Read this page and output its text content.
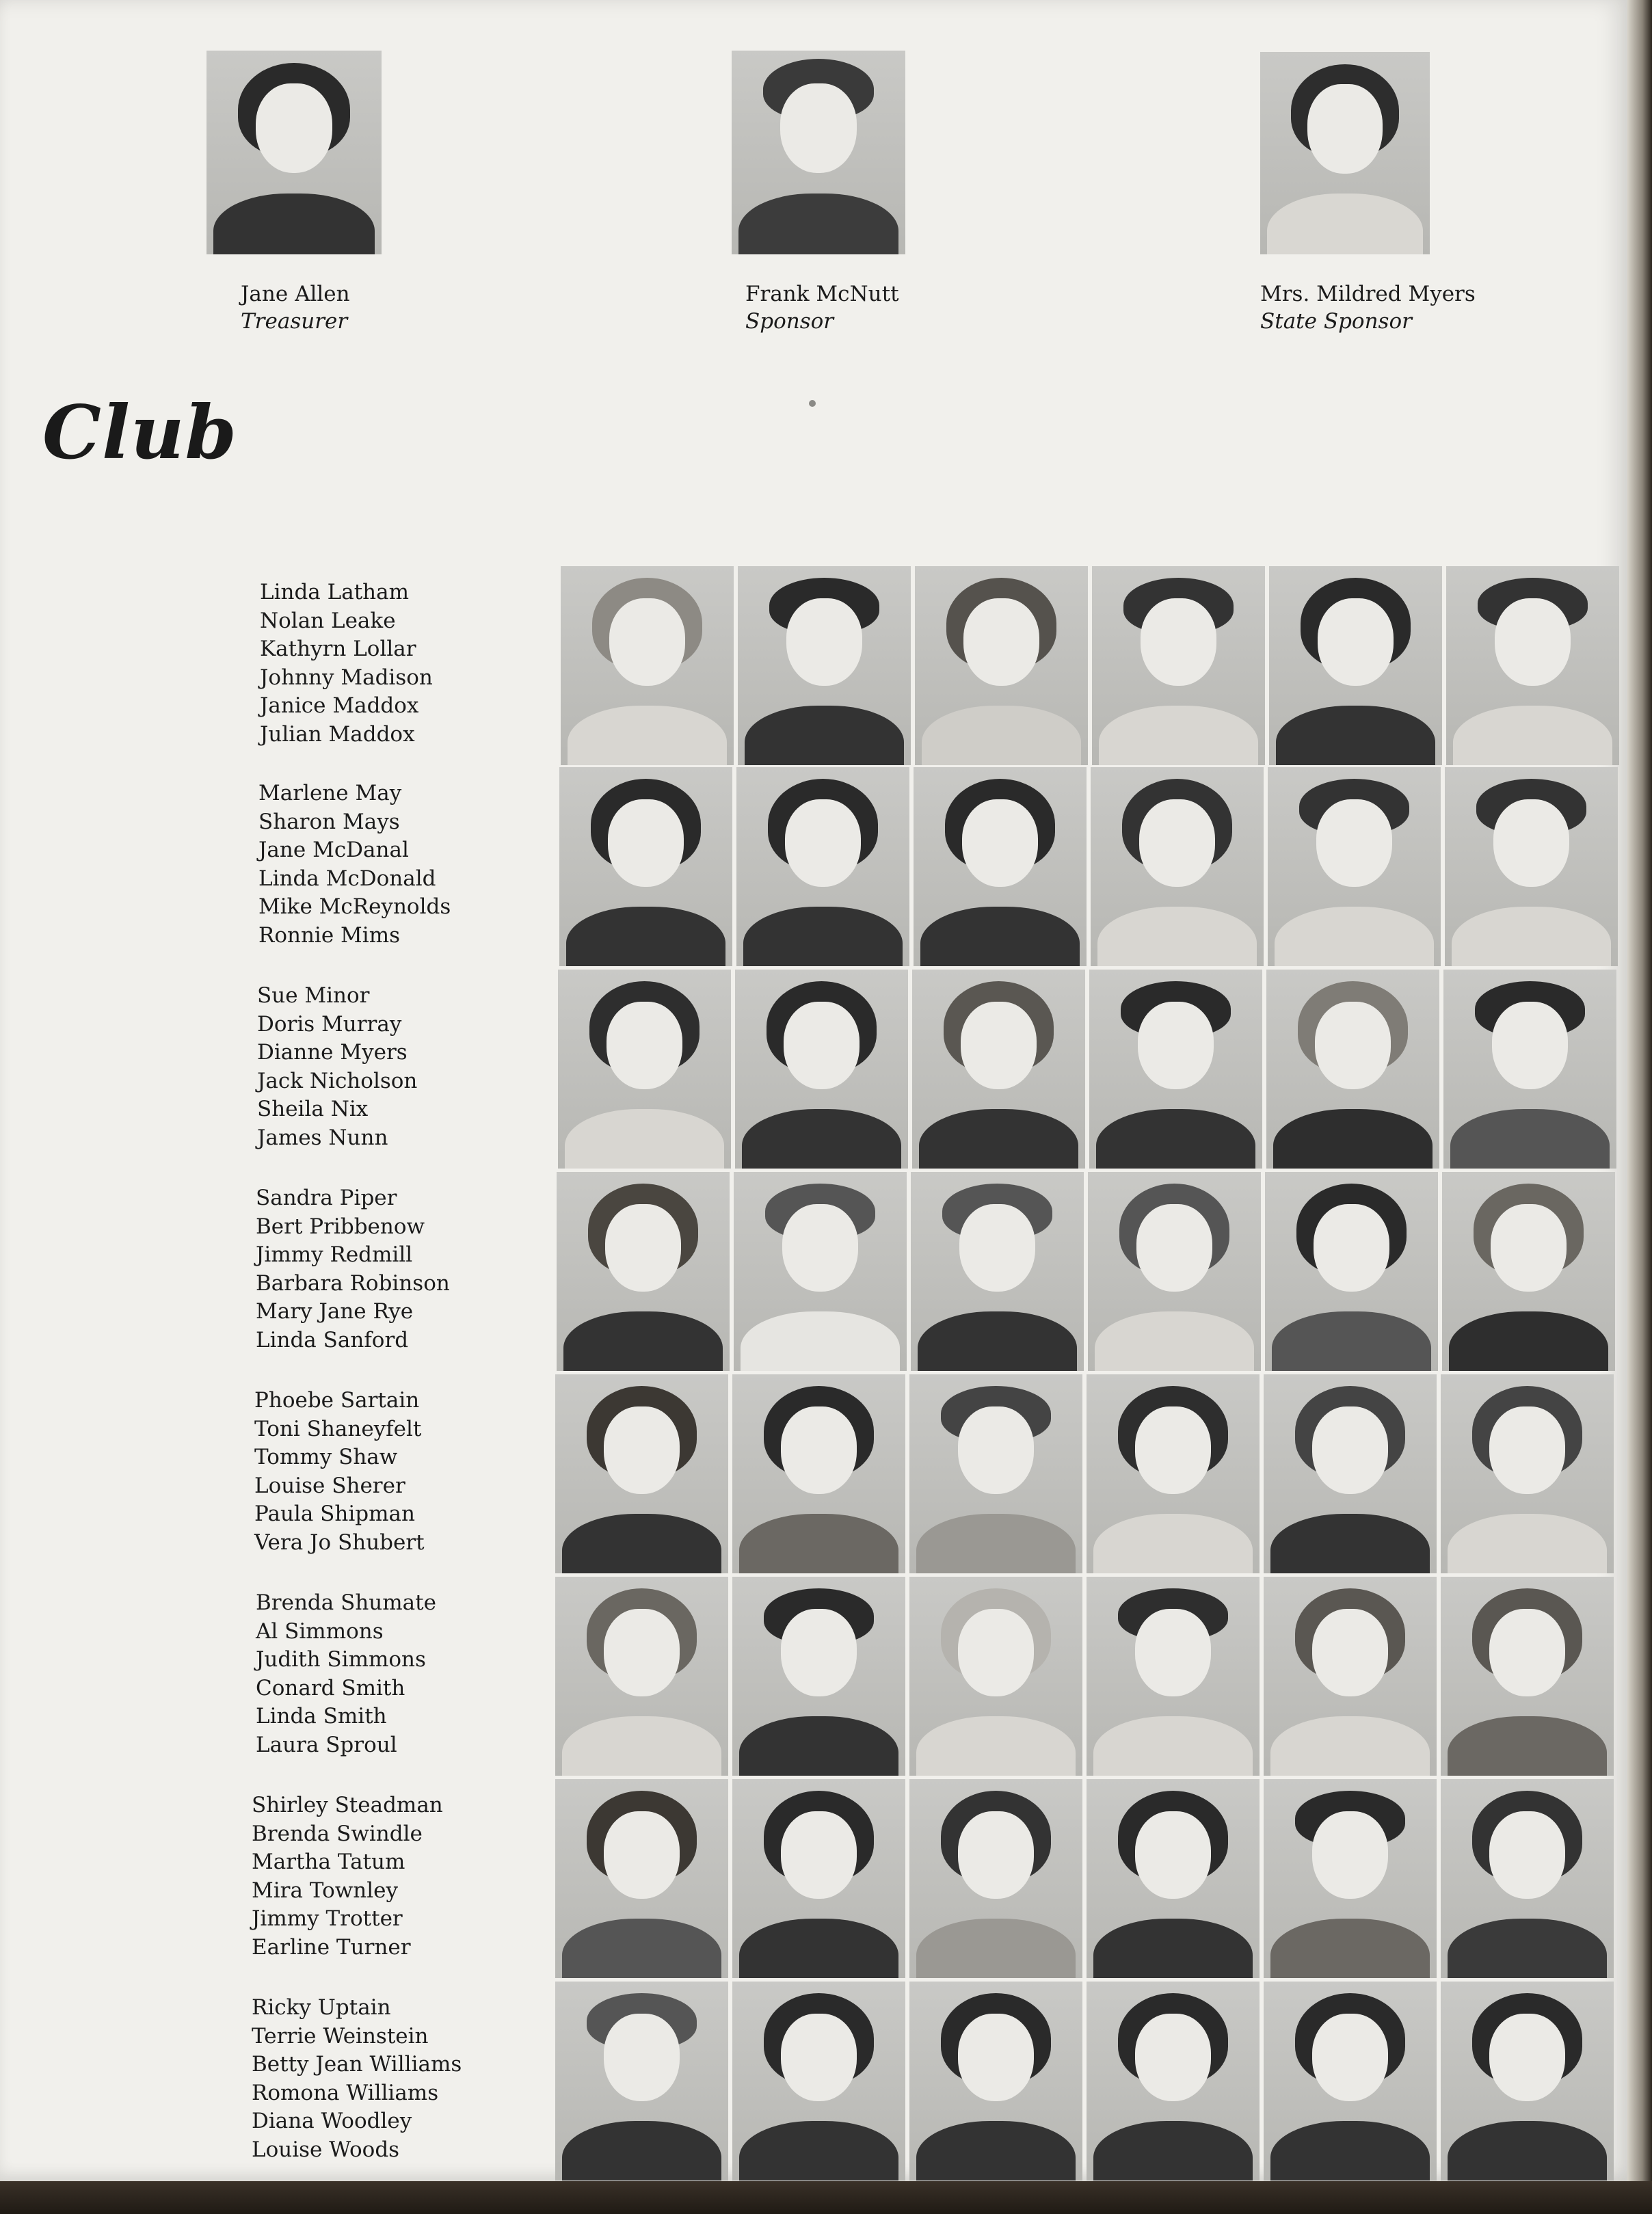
Jane Allen
Treasurer
Frank McNutt
Sponsor
Mrs. Mildred Myers
State Sponsor
Club
Linda Latham
Nolan Leake
Kathyrn Lollar
Johnny Madison
Janice Maddox
Julian Maddox
Marlene May
Sharon Mays
Jane McDanal
Linda McDonald
Mike McReynolds
Ronnie Mims
Sue Minor
Doris Murray
Dianne Myers
Jack Nicholson
Sheila Nix
James Nunn
Sandra Piper
Bert Pribbenow
Jimmy Redmill
Barbara Robinson
Mary Jane Rye
Linda Sanford
Phoebe Sartain
Toni Shaneyfelt
Tommy Shaw
Louise Sherer
Paula Shipman
Vera Jo Shubert
Brenda Shumate
Al Simmons
Judith Simmons
Conard Smith
Linda Smith
Laura Sproul
Shirley Steadman
Brenda Swindle
Martha Tatum
Mira Townley
Jimmy Trotter
Earline Turner
Ricky Uptain
Terrie Weinstein
Betty Jean Williams
Romona Williams
Diana Woodley
Louise Woods
